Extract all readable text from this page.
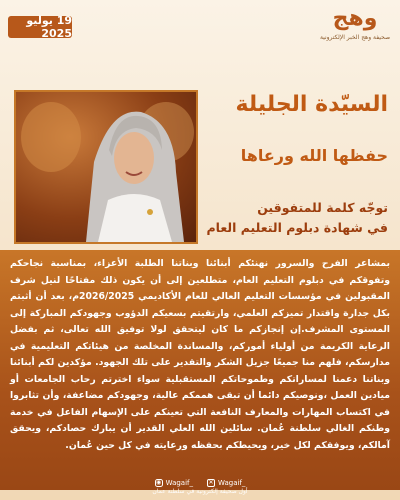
19 يوليو 2025
وهج
صحيفة وهج الخبر الإلكترونية
السيّدة الجليلة
حفظها الله ورعاها
توجّه كلمة للمتفوقين
في شهادة دبلوم التعليم العام
بمشاعر الفرح والسرور نهنئكم أبنائنا وبناتنا الطلبة الأعزاء، بمناسبة نجاحكم وتفوقكم في دبلوم التعليم العام، متطلعين إلى أن يكون ذلك مفتاحًا لنيل شرف المقبولين في مؤسسات التعليم العالي للعام الأكاديمي 2026/2025م، بعد أن أثبتم بكل جدارة واقتدار تميزكم العلمي، وارتقيتم بسعيكم الدؤوب وجهودكم المباركة إلى المستوى المشرف.إن إنجازكم ما كان ليتحقق لولا توفيق الله تعالى، ثم بفضل الرعاية الكريمة من أولياء أموركم، والمساندة المخلصة من هيئاتكم التعليمية في مدارسكم، فلهم منا جميعًا جزيل الشكر والتقدير على تلك الجهود. مؤكدين لكم أبنائنا وبناتنا دعمنا لمساراتكم وطموحاتكم المستقبلية سواء اخترتم رحاب الجامعات أو ميادين العمل ،ونوصيكم دائما أن تبقى هممكم عالية، وجهودكم مضاعفة، وأن تثابروا في اكتساب المهارات والمعارف النافعة التي تعينكم على الإسهام الفاعل في خدمة وطنكم الغالي سلطنة عُمان. سائلين الله العلي القدير أن يبارك حصادكم، ويحقق آمالكم، ويوفقكم لكل خير، ويحيطكم بحفظه ورعايته في كل حين عُمان.
◉ Wagaif_	✕ Wagaif_
أول صحيفة إلكترونية في سلطنة عمان
